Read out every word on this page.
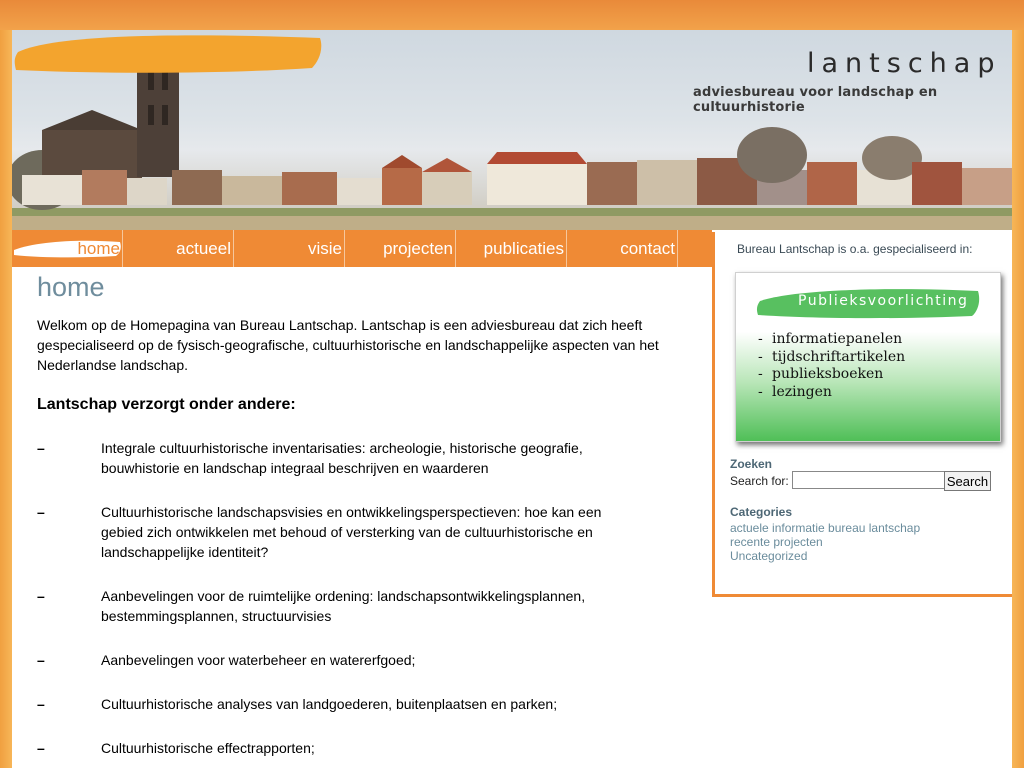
lantschap
adviesbureau voor landschap en cultuurhistorie
home	actueel	visie	projecten	publicaties	contact
home
Welkom op de Homepagina van Bureau Lantschap. Lantschap is een adviesbureau dat zich heeft gespecialiseerd op de fysisch-geografische, cultuurhistorische en landschappelijke aspecten van het Nederlandse landschap.
Lantschap verzorgt onder andere:
–	Integrale cultuurhistorische inventarisaties: archeologie, historische geografie, bouwhistorie en landschap integraal beschrijven en waarderen
–	Cultuurhistorische landschapsvisies en ontwikkelingsperspectieven: hoe kan een gebied zich ontwikkelen met behoud of versterking van de cultuurhistorische en landschappelijke identiteit?
–	Aanbevelingen voor de ruimtelijke ordening: landschapsontwikkelingsplannen, bestemmingsplannen, structuurvisies
–	Aanbevelingen voor waterbeheer en watererfgoed;
–	Cultuurhistorische analyses van landgoederen, buitenplaatsen en parken;
–	Cultuurhistorische effectrapporten;
Bureau Lantschap is o.a. gespecialiseerd in:
Publieksvoorlichting
- informatiepanelen
- tijdschriftartikelen
- publieksboeken
- lezingen
Zoeken
Search for:	Search
Categories
actuele informatie bureau lantschap
recente projecten
Uncategorized
